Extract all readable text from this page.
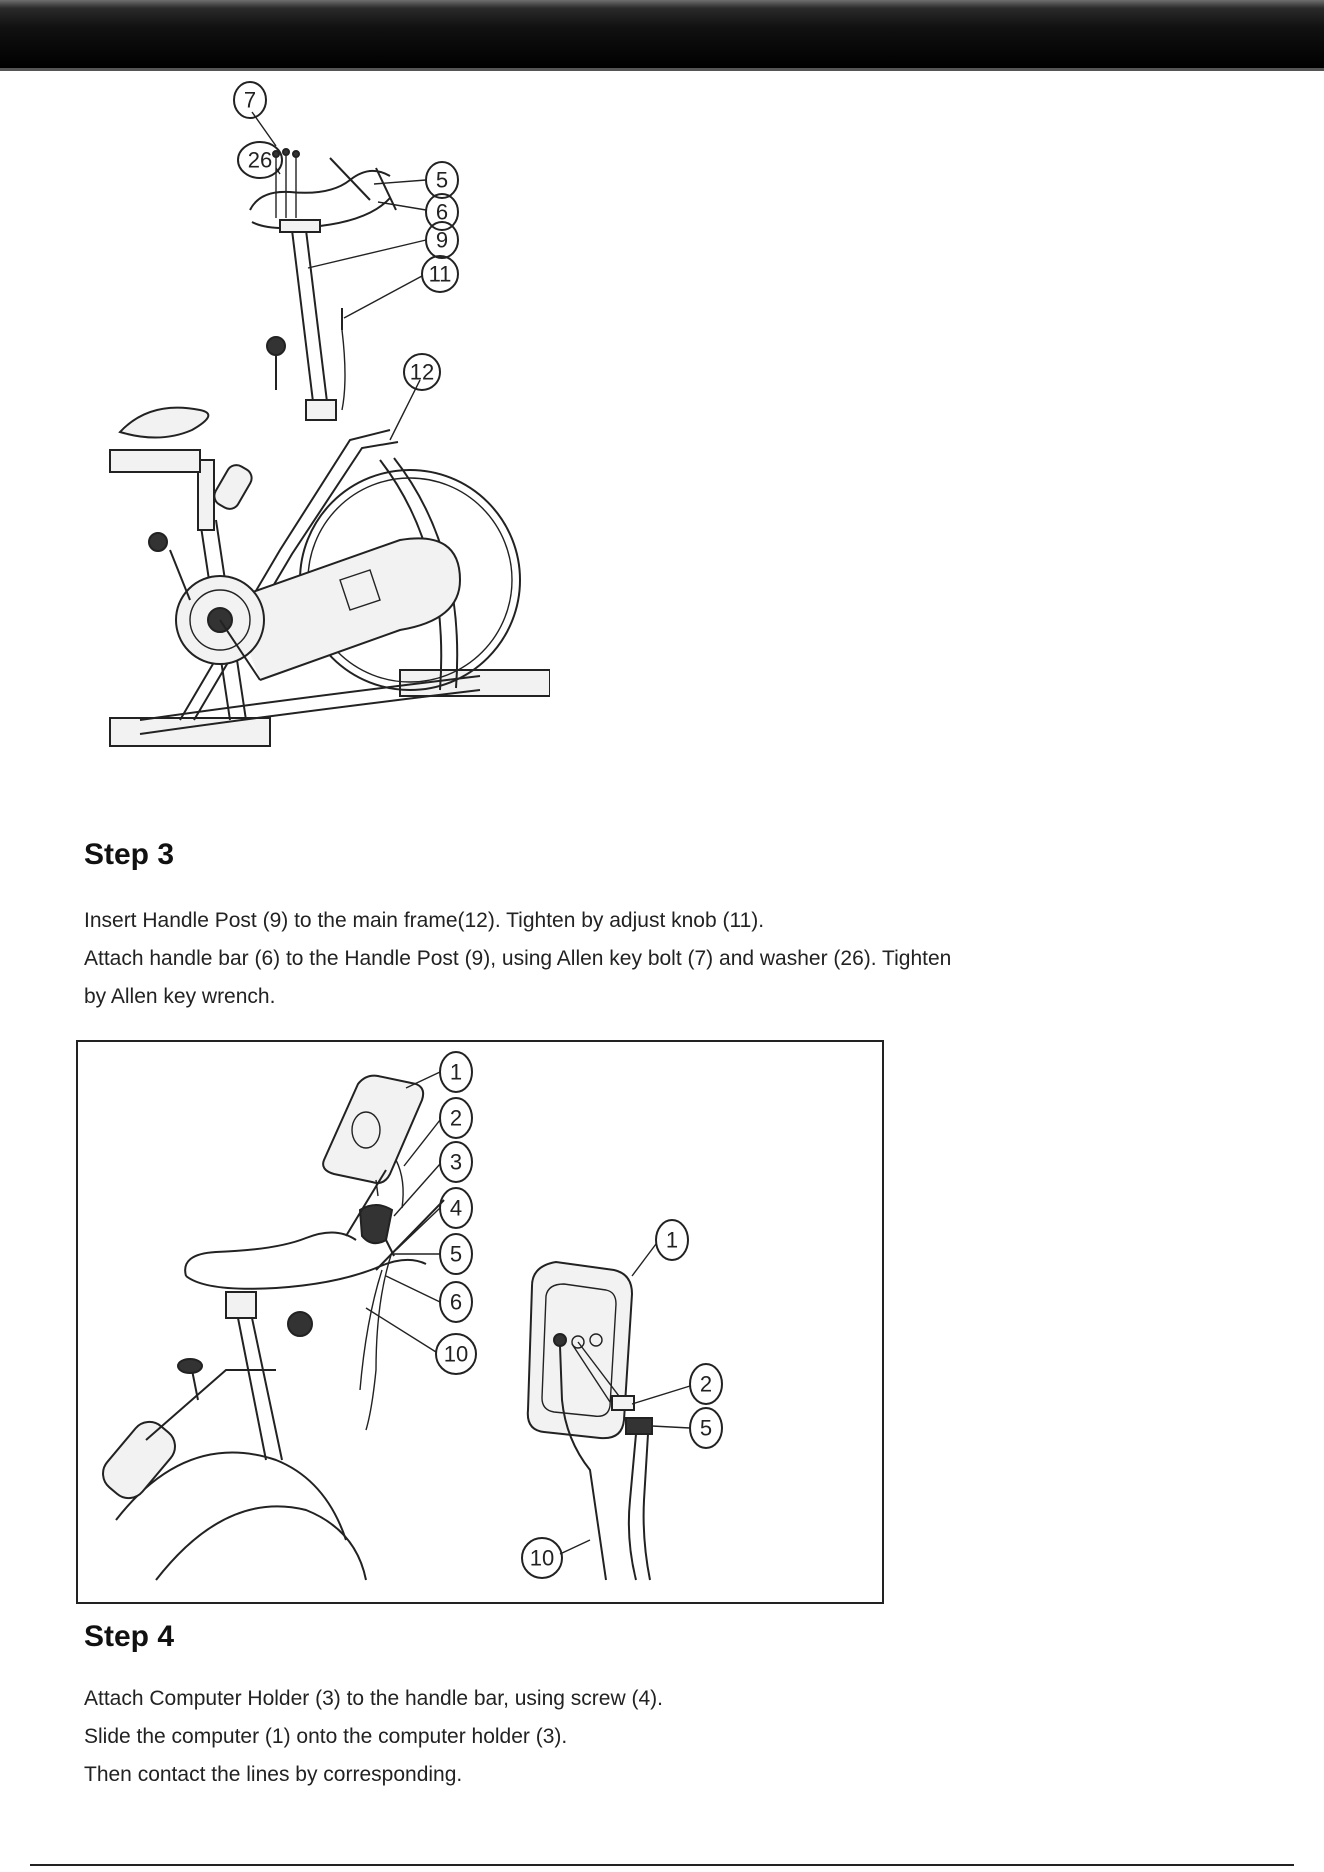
7
26
5
6
9
11
12
Step 3

Insert Handle Post (9) to the main frame(12). Tighten by adjust knob (11).

Attach handle bar (6) to the Handle Post (9), using Allen key bolt (7) and washer (26). Tighten

by Allen key wrench.

1
2
3
4
5
6
10
1
2
5
10
Step 4

Attach Computer Holder (3) to the handle bar, using screw (4).

Slide the computer (1) onto the computer holder (3).

Then contact the lines by corresponding.
